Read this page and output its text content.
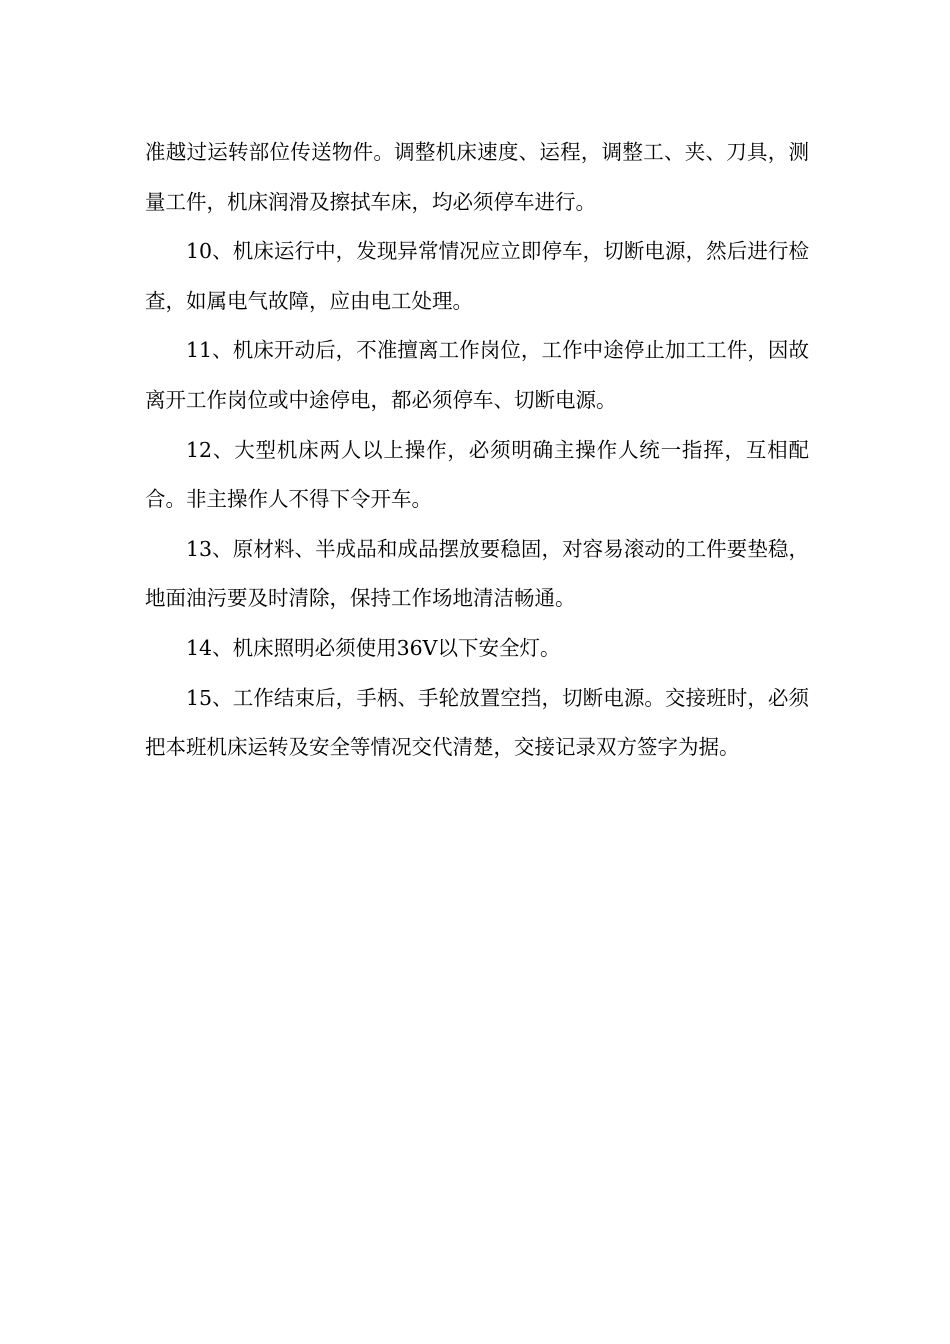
准越过运转部位传送物件。调整机床速度、运程，调整工、夹、刀具，测量工件，机床润滑及擦拭车床，均必须停车进行。

10、机床运行中，发现异常情况应立即停车，切断电源，然后进行检查，如属电气故障，应由电工处理。

11、机床开动后，不准擅离工作岗位，工作中途停止加工工件，因故离开工作岗位或中途停电，都必须停车、切断电源。

12、大型机床两人以上操作，必须明确主操作人统一指挥，互相配合。非主操作人不得下令开车。

13、原材料、半成品和成品摆放要稳固，对容易滚动的工件要垫稳，地面油污要及时清除，保持工作场地清洁畅通。

14、机床照明必须使用36V以下安全灯。

15、工作结束后，手柄、手轮放置空挡，切断电源。交接班时，必须把本班机床运转及安全等情况交代清楚，交接记录双方签字为据。
